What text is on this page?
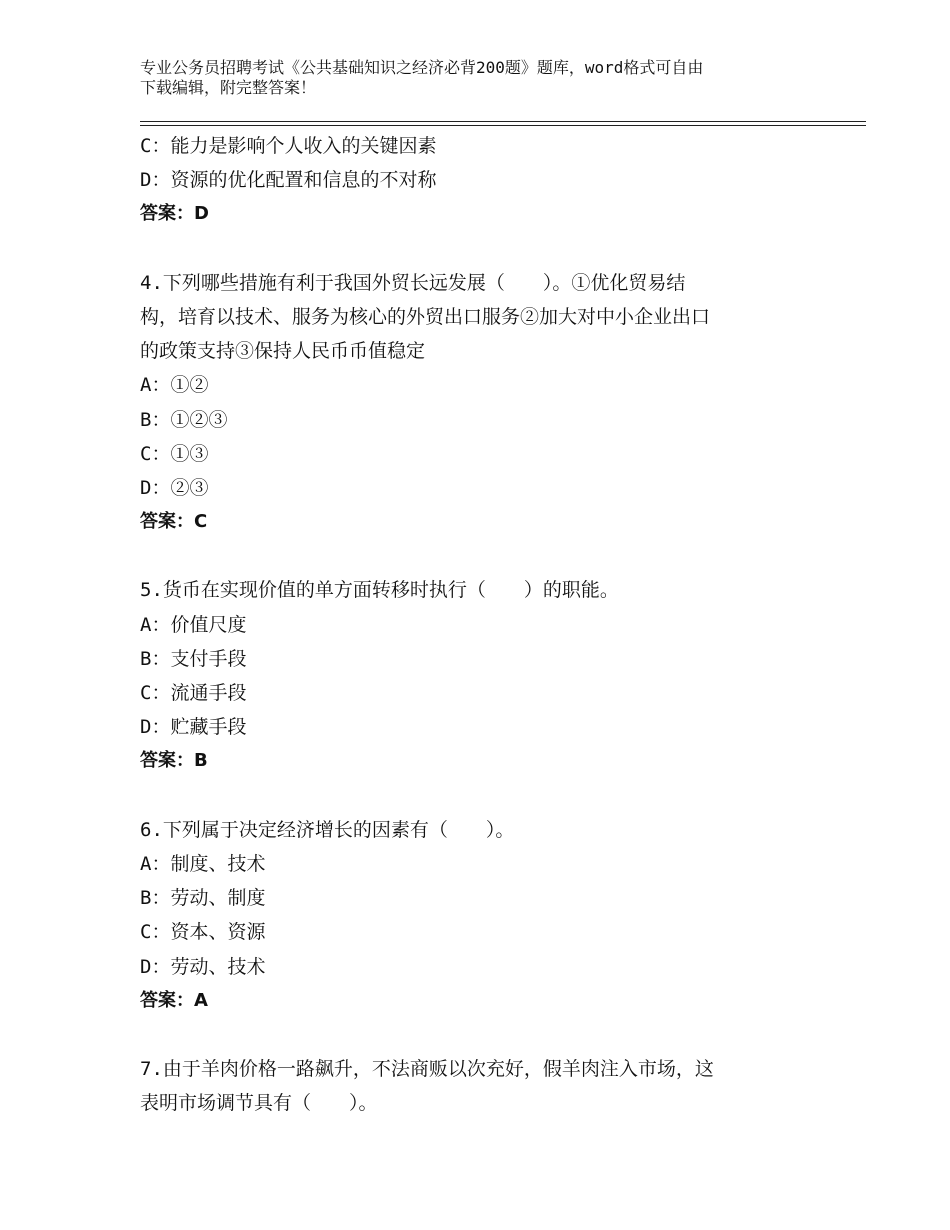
专业公务员招聘考试《公共基础知识之经济必背200题》题库，word格式可自由
下载编辑，附完整答案！
C：能力是影响个人收入的关键因素
D：资源的优化配置和信息的不对称
答案：D
4.下列哪些措施有利于我国外贸长远发展（　　）。①优化贸易结
构，培育以技术、服务为核心的外贸出口服务②加大对中小企业出口
的政策支持③保持人民币币值稳定
A：①②
B：①②③
C：①③
D：②③
答案：C
5.货币在实现价值的单方面转移时执行（　　）的职能。
A：价值尺度
B：支付手段
C：流通手段
D：贮藏手段
答案：B
6.下列属于决定经济增长的因素有（　　）。
A：制度、技术
B：劳动、制度
C：资本、资源
D：劳动、技术
答案：A
7.由于羊肉价格一路飙升，不法商贩以次充好，假羊肉注入市场，这
表明市场调节具有（　　）。
